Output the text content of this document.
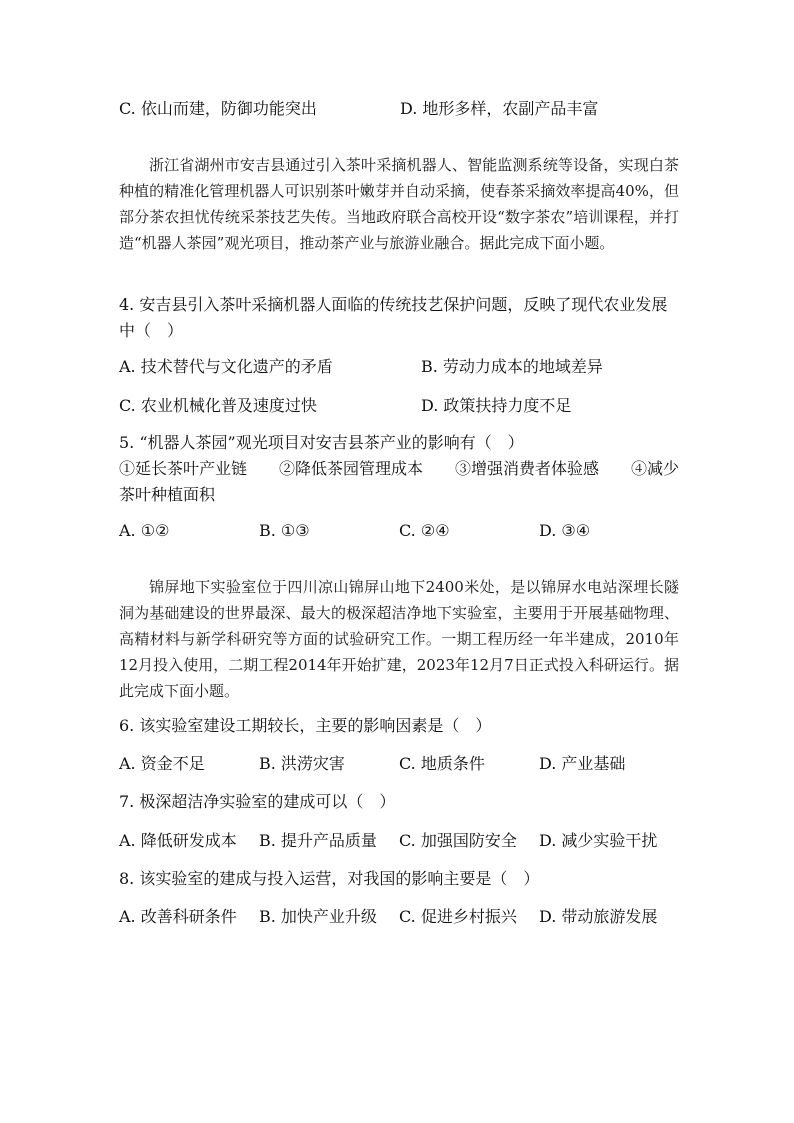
C. 依山而建，防御功能突出	D. 地形多样，农副产品丰富
浙江省湖州市安吉县通过引入茶叶采摘机器人、智能监测系统等设备，实现白茶种植的精准化管理机器人可识别茶叶嫩芽并自动采摘，使春茶采摘效率提高40%，但部分茶农担忧传统采茶技艺失传。当地政府联合高校开设“数字茶农”培训课程，并打造“机器人茶园”观光项目，推动茶产业与旅游业融合。据此完成下面小题。
4. 安吉县引入茶叶采摘机器人面临的传统技艺保护问题，反映了现代农业发展中（　）
A. 技术替代与文化遗产的矛盾	B. 劳动力成本的地域差异
C. 农业机械化普及速度过快	D. 政策扶持力度不足
5. “机器人茶园”观光项目对安吉县茶产业的影响有（　）
①延长茶叶产业链　　②降低茶园管理成本　　③增强消费者体验感　　④减少茶叶种植面积
A. ①②	B. ①③	C. ②④	D. ③④
锦屏地下实验室位于四川凉山锦屏山地下2400米处，是以锦屏水电站深埋长隧洞为基础建设的世界最深、最大的极深超洁净地下实验室，主要用于开展基础物理、高精材料与新学科研究等方面的试验研究工作。一期工程历经一年半建成，2010年12月投入使用，二期工程2014年开始扩建，2023年12月7日正式投入科研运行。据此完成下面小题。
6. 该实验室建设工期较长，主要的影响因素是（　）
A. 资金不足	B. 洪涝灾害	C. 地质条件	D. 产业基础
7. 极深超洁净实验室的建成可以（　）
A. 降低研发成本 B. 提升产品质量 C. 加强国防安全 D. 减少实验干扰
8. 该实验室的建成与投入运营，对我国的影响主要是（　）
A. 改善科研条件 B. 加快产业升级 C. 促进乡村振兴 D. 带动旅游发展
